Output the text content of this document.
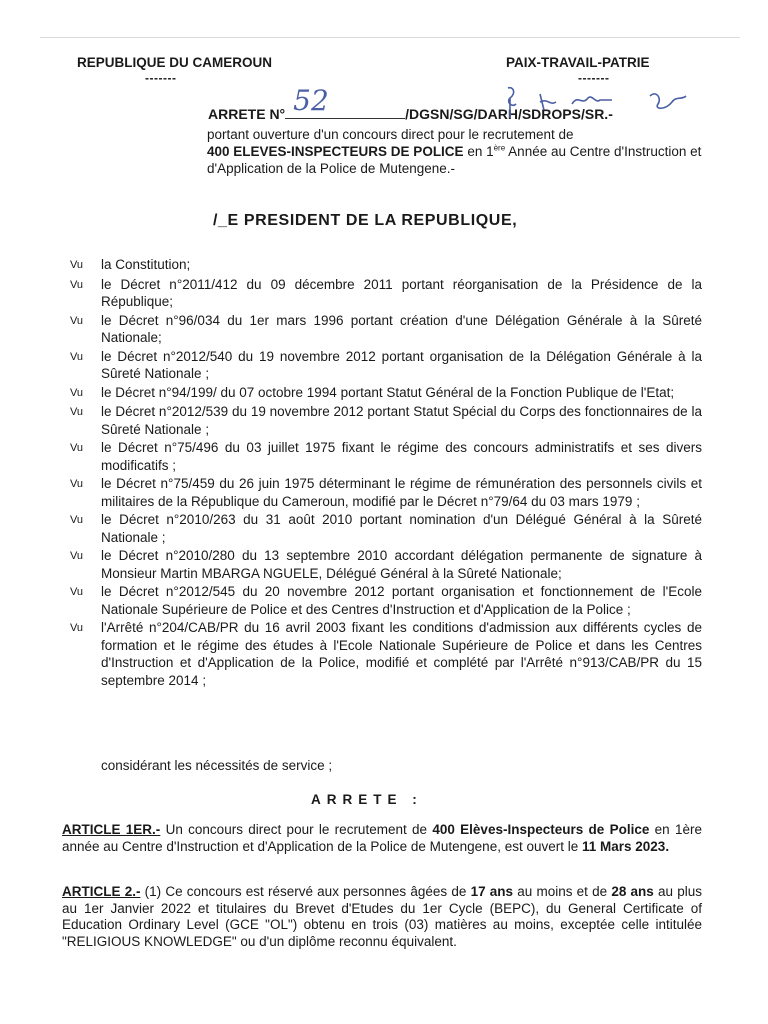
REPUBLIQUE DU CAMEROUN
-------
PAIX-TRAVAIL-PATRIE
-------
ARRETE N° 52	/DGSN/SG/DARH/SDROPS/SR.-
portant ouverture d'un concours direct pour le recrutement de
400 ELEVES-INSPECTEURS DE POLICE en 1ère Année au Centre d'Instruction et d'Application de la Police de Mutengene.-
/_E PRESIDENT DE LA REPUBLIQUE,
Vu	la Constitution;
Vu	le Décret n°2011/412 du 09 décembre 2011 portant réorganisation de la Présidence de la République;
Vu	le Décret n°96/034 du 1er mars 1996 portant création d'une Délégation Générale à la Sûreté Nationale;
Vu	le Décret n°2012/540 du 19 novembre 2012 portant organisation de la Délégation Générale à la Sûreté Nationale ;
Vu	le Décret n°94/199/ du 07 octobre 1994 portant Statut Général de la Fonction Publique de l'Etat;
Vu	le Décret n°2012/539 du 19 novembre 2012 portant Statut Spécial du Corps des fonctionnaires de la Sûreté Nationale ;
Vu	le Décret n°75/496 du 03 juillet 1975 fixant le régime des concours administratifs et ses divers modificatifs ;
Vu	le Décret n°75/459 du 26 juin 1975 déterminant le régime de rémunération des personnels civils et militaires de la République du Cameroun, modifié par le Décret n°79/64 du 03 mars 1979 ;
Vu	le Décret n°2010/263 du 31 août 2010 portant nomination d'un Délégué Général à la Sûreté Nationale ;
Vu	le Décret n°2010/280 du 13 septembre 2010 accordant délégation permanente de signature à Monsieur Martin MBARGA NGUELE, Délégué Général à la Sûreté Nationale;
Vu	le Décret n°2012/545 du 20 novembre 2012 portant organisation et fonctionnement de l'Ecole Nationale Supérieure de Police et des Centres d'Instruction et d'Application de la Police ;
Vu	l'Arrêté n°204/CAB/PR du 16 avril 2003 fixant les conditions d'admission aux différents cycles de formation et le régime des études à l'Ecole Nationale Supérieure de Police et dans les Centres d'Instruction et d'Application de la Police, modifié et complété par l'Arrêté n°913/CAB/PR du 15 septembre 2014 ;
considérant les nécessités de service ;
ARRETE :
ARTICLE 1ER.- Un concours direct pour le recrutement de 400 Elèves-Inspecteurs de Police en 1ère année au Centre d'Instruction et d'Application de la Police de Mutengene, est ouvert le 11 Mars 2023.
ARTICLE 2.- (1) Ce concours est réservé aux personnes âgées de 17 ans au moins et de 28 ans au plus au 1er Janvier 2022 et titulaires du Brevet d'Etudes du 1er Cycle (BEPC), du General Certificate of Education Ordinary Level (GCE "OL") obtenu en trois (03) matières au moins, exceptée celle intitulée "RELIGIOUS KNOWLEDGE" ou d'un diplôme reconnu équivalent.
